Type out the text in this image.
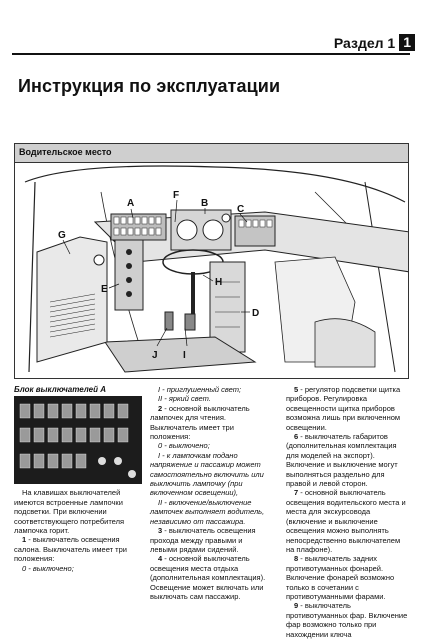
Раздел 1 1
Инструкция по эксплуатации
Водительское место
A	B
C
D
E
F
G
H
I
J
Блок выключателей А

На клавишах выключателей имеются встроенные лампочки подсветки. При включении соответствующего потребителя лампочка горит.

1 - выключатель освещения салона. Выключатель имеет три положения:

0 - выключено;

I - приглушенный свет;

II - яркий свет.

2 - основной выключатель лампочек для чтения. Выключатель имеет три положения:

0 - выключено;

I - к лампочкам подано напряжение и пассажир может самостоятельно включить или выключить лампочку (при включенном освещении),

II - включение/выключение лампочек выполняет водитель, независимо от пассажира.

3 - выключатель освещения прохода между правыми и левыми рядами сидений.

4 - основной выключатель освещения места отдыха (дополнительная комплектация). Освещение может включать или выключать сам пассажир.

5 - регулятор подсветки щитка приборов. Регулировка освещенности щитка приборов возможна лишь при включенном освещении.

6 - выключатель габаритов (дополнительная комплектация для моделей на экспорт). Включение и выключение могут выполняться раздельно для правой и левой сторон.

7 - основной выключатель освещения водительского места и места для экскурсовода (включение и выключение освещения можно выполнять непосредственно выключателем на плафоне).

8 - выключатель задних противотуманных фонарей. Включение фонарей возможно только в сочетании с противотуманными фарами.

9 - выключатель противотуманных фар. Включение фар возможно только при нахождении ключа
